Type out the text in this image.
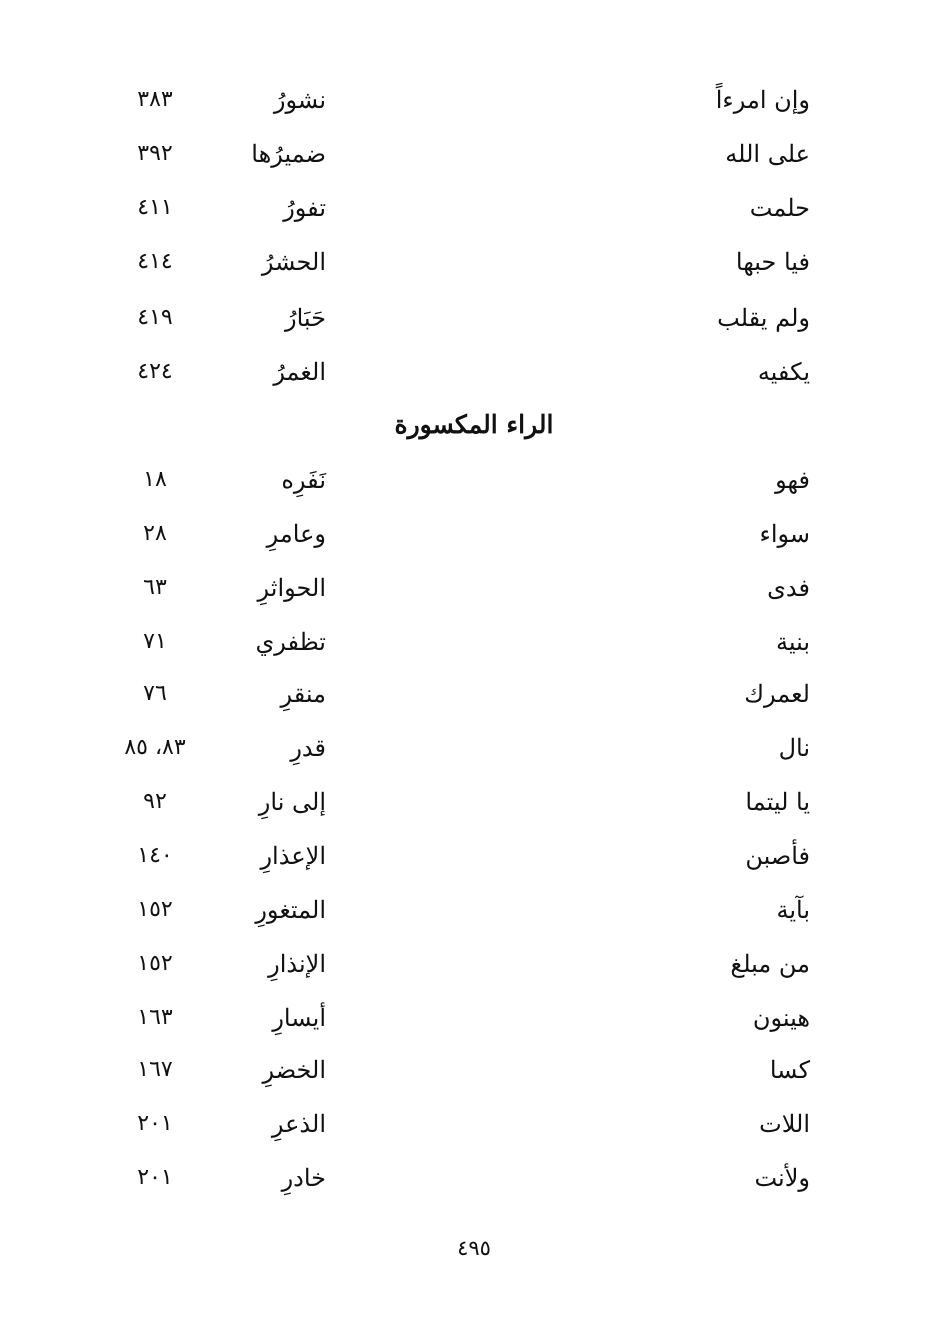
وإن امرءاً
نشورُ
٣٨٣
على الله
ضميرُها
٣٩٢
حلمت
تفورُ
٤١١
فيا حبها
الحشرُ
٤١٤
ولم يقلب
حَبَارُ
٤١٩
يكفيه
الغمرُ
٤٢٤
الراء المكسورة
فهو
نَفَرِه
١٨
سواء
وعامرِ
٢٨
فدى
الحواثرِ
٦٣
بنية
تظفري
٧١
لعمرك
منقرِ
٧٦
نال
قدرِ
٨٣، ٨٥
يا ليتما
إلى نارِ
٩٢
فأصبن
الإعذارِ
١٤٠
بآية
المتغورِ
١٥٢
من مبلغ
الإنذارِ
١٥٢
هينون
أيسارِ
١٦٣
كسا
الخضرِ
١٦٧
اللات
الذعرِ
٢٠١
ولأنت
خادرِ
٢٠١
٤٩٥
